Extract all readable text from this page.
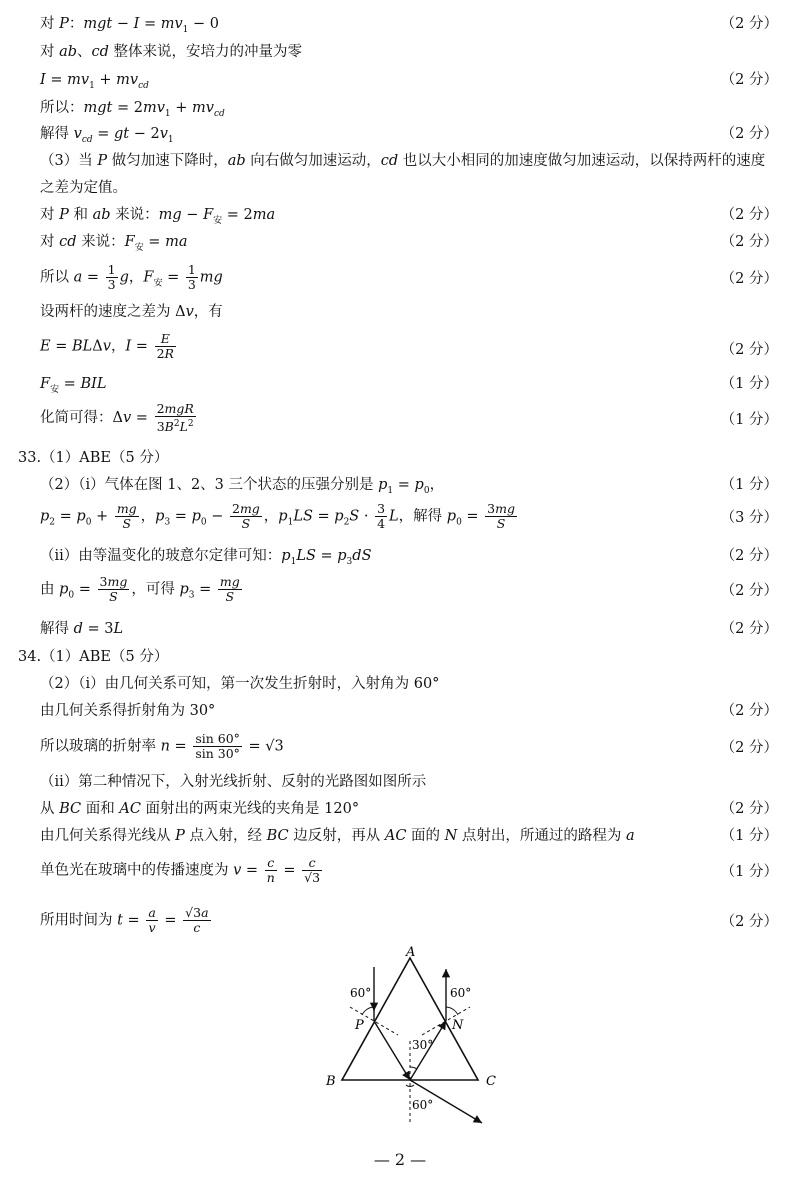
对 P：mgt − $I = mv_1 - 0$	（2 分）
对 ab、cd 整体来说，安培力的冲量为零
$I = mv_1 + mv_{cd}$	（2 分）
所以：mgt = $2mv_1 + mv_{cd}$
解得 $v_{cd}$ = gt − $2v_1$	（2 分）
（3）当 P 做匀加速下降时，ab 向右做匀加速运动，cd 也以大小相同的加速度做匀加速运动，以保持两杆的速度
之差为定值。
对 P 和 ab 来说：mg − $F_安 = 2ma$	（2 分）
对 cd 来说：$F_安$ = ma	（2 分）
所以 $a = \frac{1}{3}$ g，$F_安 = \frac{1}{3}$ mg	（2 分）
设两杆的速度之差为 Δv，有
E = BLΔv，$I = \frac{E}{2R}$	（2 分）
$F_安$ = BIL	（1 分）
化简可得：$\Delta v = \frac{\text{2mgR}}{3B^2L^2}$	（1 分）
33.（1）ABE（5 分）
（2）（ⅰ）气体在图 1、2、3 三个状态的压强分别是 $p_1 = p_0$，	（1 分）
$p_2 = p_0 + \frac{mg}{S}$ ，$p_3 = p_0 - \frac{2mg}{S}$ ，$p_1LS = p_2S \cdot \frac{3}{4}$ L，解得 $p_0 = \frac{3mg}{S}$	（3 分）
（ⅱ）由等温变化的玻意尔定律可知：$p_1LS = p_3dS$	（2 分）
由 $p_0 = \frac{3mg}{S}$ ，可得 $p_3 = \frac{mg}{S}$	（2 分）
解得 d = 3L	（2 分）
34.（1）ABE（5 分）
（2）（ⅰ）由几何关系可知，第一次发生折射时，入射角为 60°
由几何关系得折射角为 30°	（2 分）
所以玻璃的折射率 $n = \frac{\sin 60^\circ}{\sin 30^\circ} = √3$	（2 分）
（ⅱ）第二种情况下，入射光线折射、反射的光路图如图所示
从 BC 面和 AC 面射出的两束光线的夹角是 120°	（2 分）
由几何关系得光线从 P 点入射，经 BC 边反射，再从 AC 面的 N 点射出，所通过的路程为 a	（1 分）
单色光在玻璃中的传播速度为 $v = \frac{c}{n} = \frac{c}{√3}$	（1 分）
所用时间为 $t = \frac{a}{v} = \frac{√3a}{c}$	（2 分）
A
B	C
P	N
60°	60°
30°
60°
— 2 —
